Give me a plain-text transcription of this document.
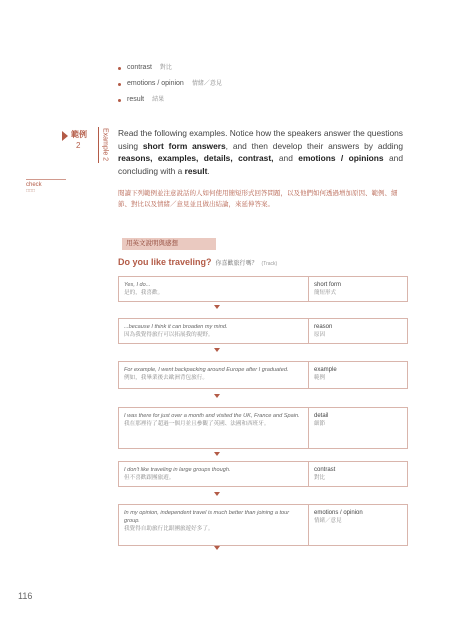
contrast 對比
emotions / opinion 情緒／意見
result 結果
範例
2	Example 2
check
□□□
Read the following examples. Notice how the speakers answer the questions using short form answers, and then develop their answers by adding reasons, examples, details, contrast, and emotions / opinions and concluding with a result.
閱讀下列範例並注意說話的人如何使用簡短形式回答問題，以及他們如何透過增加原因、範例、細節、對比以及情緒／意見並且做出結論，來延伸答案。
用英文說明與感想
Do you like traveling? 你喜歡旅行嗎？ (Track)
Yes, I do...
是的，我喜歡。
short form
簡短形式
...because I think it can broaden my mind.
因為我覺得旅行可以拓展我的視野。
reason
原因
For example, I went backpacking around Europe after I graduated.
例如，我畢業後去歐洲背包旅行。
example
範例
I was there for just over a month and visited the UK, France and Spain.
我在那裡待了超過一個月並且參觀了英國、法國和西班牙。
detail
細節
I don't like traveling in large groups though.
但不喜歡跟團旅遊。
contrast
對比
In my opinion, independent travel is much better than joining a tour group.
我覺得自助旅行比跟團旅遊好多了。
emotions / opinion
情緒／意見
116
